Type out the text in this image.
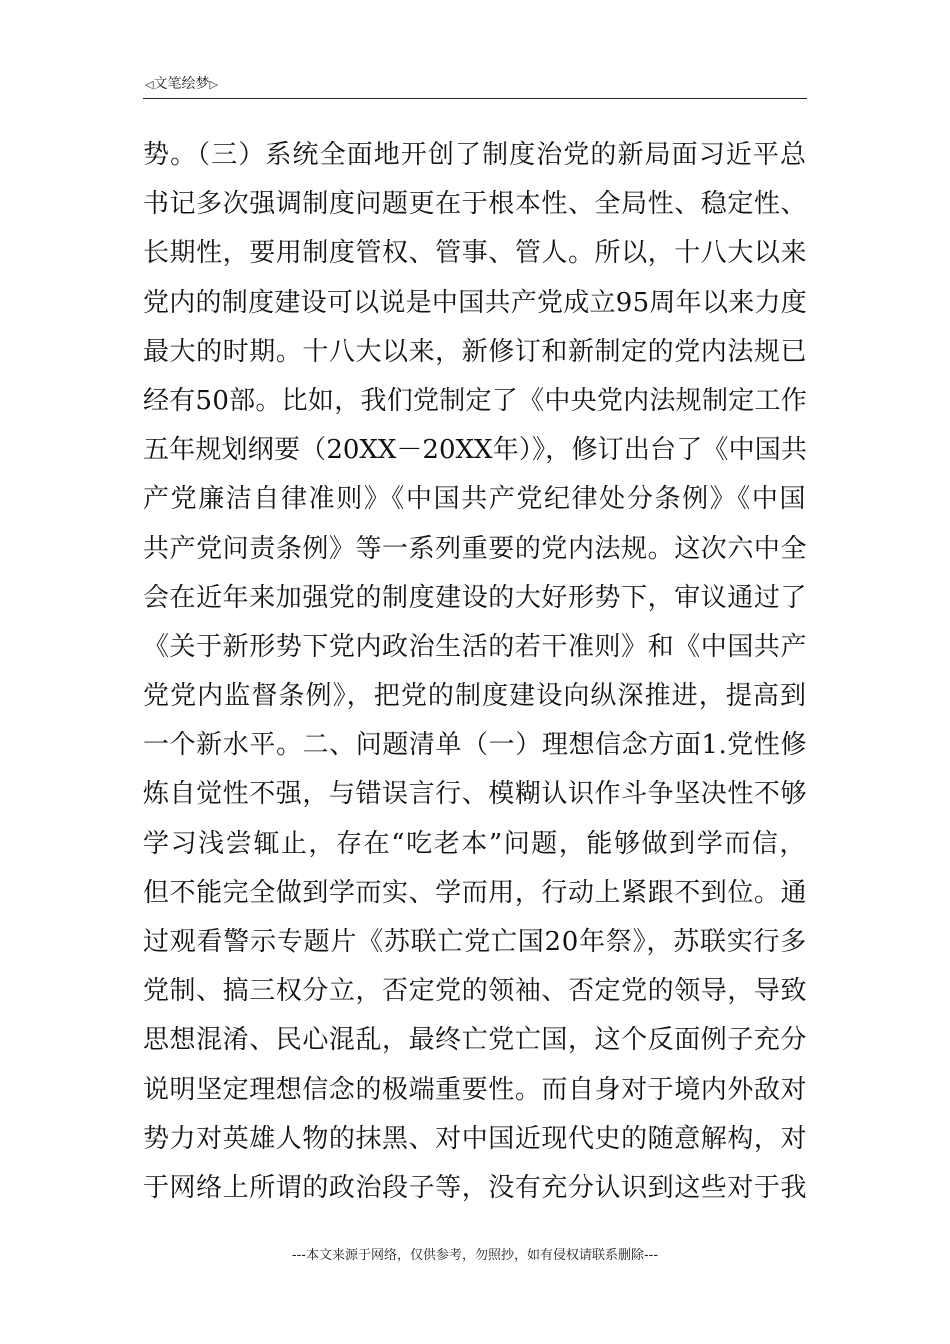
◁文笔绘梦▷
势。（三）系统全面地开创了制度治党的新局面习近平总
书记多次强调制度问题更在于根本性、全局性、稳定性、
长期性，要用制度管权、管事、管人。所以，十八大以来
党内的制度建设可以说是中国共产党成立95周年以来力度
最大的时期。十八大以来，新修订和新制定的党内法规已
经有50部。比如，我们党制定了《中央党内法规制定工作
五年规划纲要（20XX－20XX年）》，修订出台了《中国共
产党廉洁自律准则》《中国共产党纪律处分条例》《中国
共产党问责条例》等一系列重要的党内法规。这次六中全
会在近年来加强党的制度建设的大好形势下，审议通过了
《关于新形势下党内政治生活的若干准则》和《中国共产
党党内监督条例》，把党的制度建设向纵深推进，提高到
一个新水平。二、问题清单（一）理想信念方面1.党性修
炼自觉性不强，与错误言行、模糊认识作斗争坚决性不够
学习浅尝辄止，存在“吃老本”问题，能够做到学而信，
但不能完全做到学而实、学而用，行动上紧跟不到位。通
过观看警示专题片《苏联亡党亡国20年祭》，苏联实行多
党制、搞三权分立，否定党的领袖、否定党的领导，导致
思想混淆、民心混乱，最终亡党亡国，这个反面例子充分
说明坚定理想信念的极端重要性。而自身对于境内外敌对
势力对英雄人物的抹黑、对中国近现代史的随意解构，对
于网络上所谓的政治段子等，没有充分认识到这些对于我
---本文来源于网络，仅供参考，勿照抄，如有侵权请联系删除---
